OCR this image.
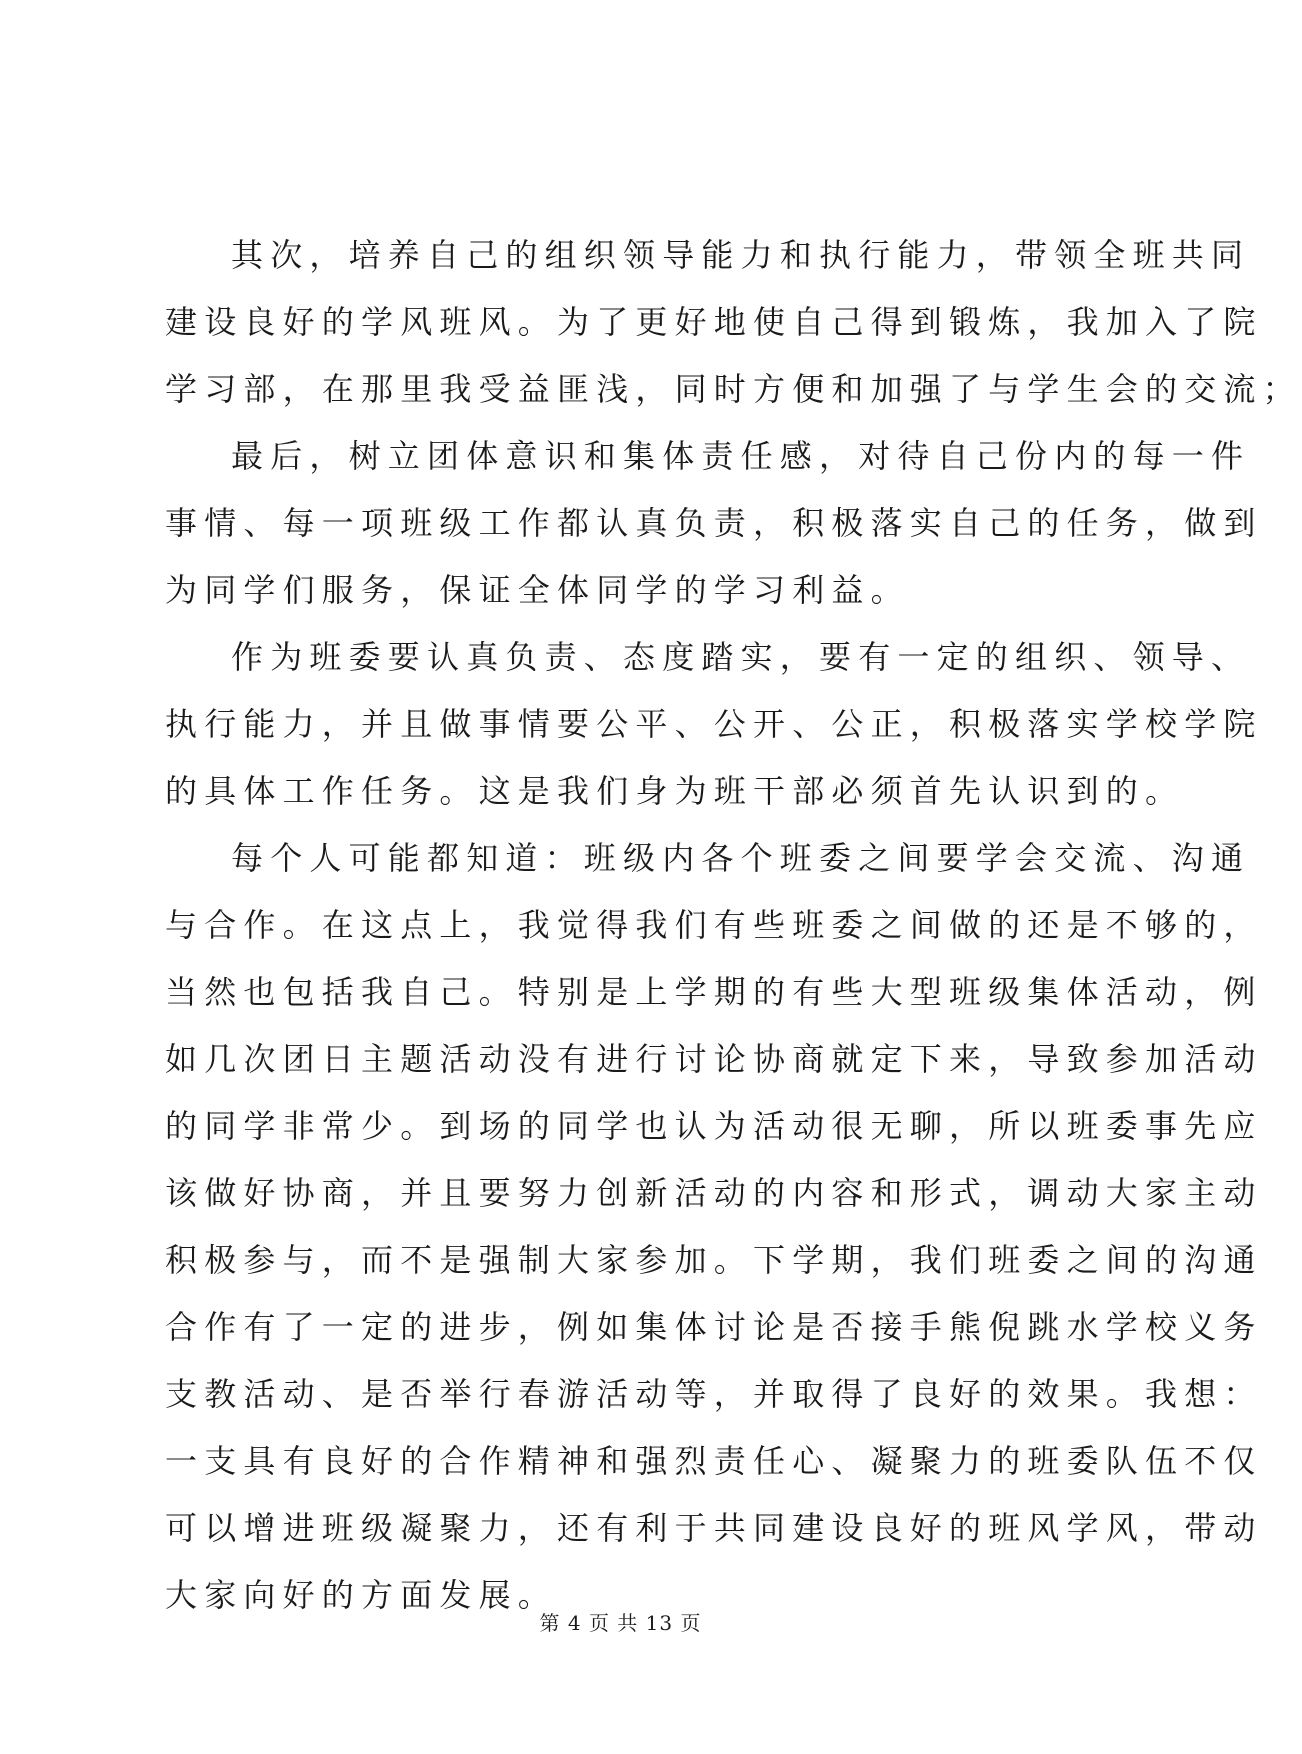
其次，培养自己的组织领导能力和执行能力，带领全班共同
建设良好的学风班风。为了更好地使自己得到锻炼，我加入了院
学习部，在那里我受益匪浅，同时方便和加强了与学生会的交流；
最后，树立团体意识和集体责任感，对待自己份内的每一件
事情、每一项班级工作都认真负责，积极落实自己的任务，做到
为同学们服务，保证全体同学的学习利益。
作为班委要认真负责、态度踏实，要有一定的组织、领导、
执行能力，并且做事情要公平、公开、公正，积极落实学校学院
的具体工作任务。这是我们身为班干部必须首先认识到的。
每个人可能都知道：班级内各个班委之间要学会交流、沟通
与合作。在这点上，我觉得我们有些班委之间做的还是不够的，
当然也包括我自己。特别是上学期的有些大型班级集体活动，例
如几次团日主题活动没有进行讨论协商就定下来，导致参加活动
的同学非常少。到场的同学也认为活动很无聊，所以班委事先应
该做好协商，并且要努力创新活动的内容和形式，调动大家主动
积极参与，而不是强制大家参加。下学期，我们班委之间的沟通
合作有了一定的进步，例如集体讨论是否接手熊倪跳水学校义务
支教活动、是否举行春游活动等，并取得了良好的效果。我想：
一支具有良好的合作精神和强烈责任心、凝聚力的班委队伍不仅
可以增进班级凝聚力，还有利于共同建设良好的班风学风，带动
大家向好的方面发展。
第 4 页 共 13 页
